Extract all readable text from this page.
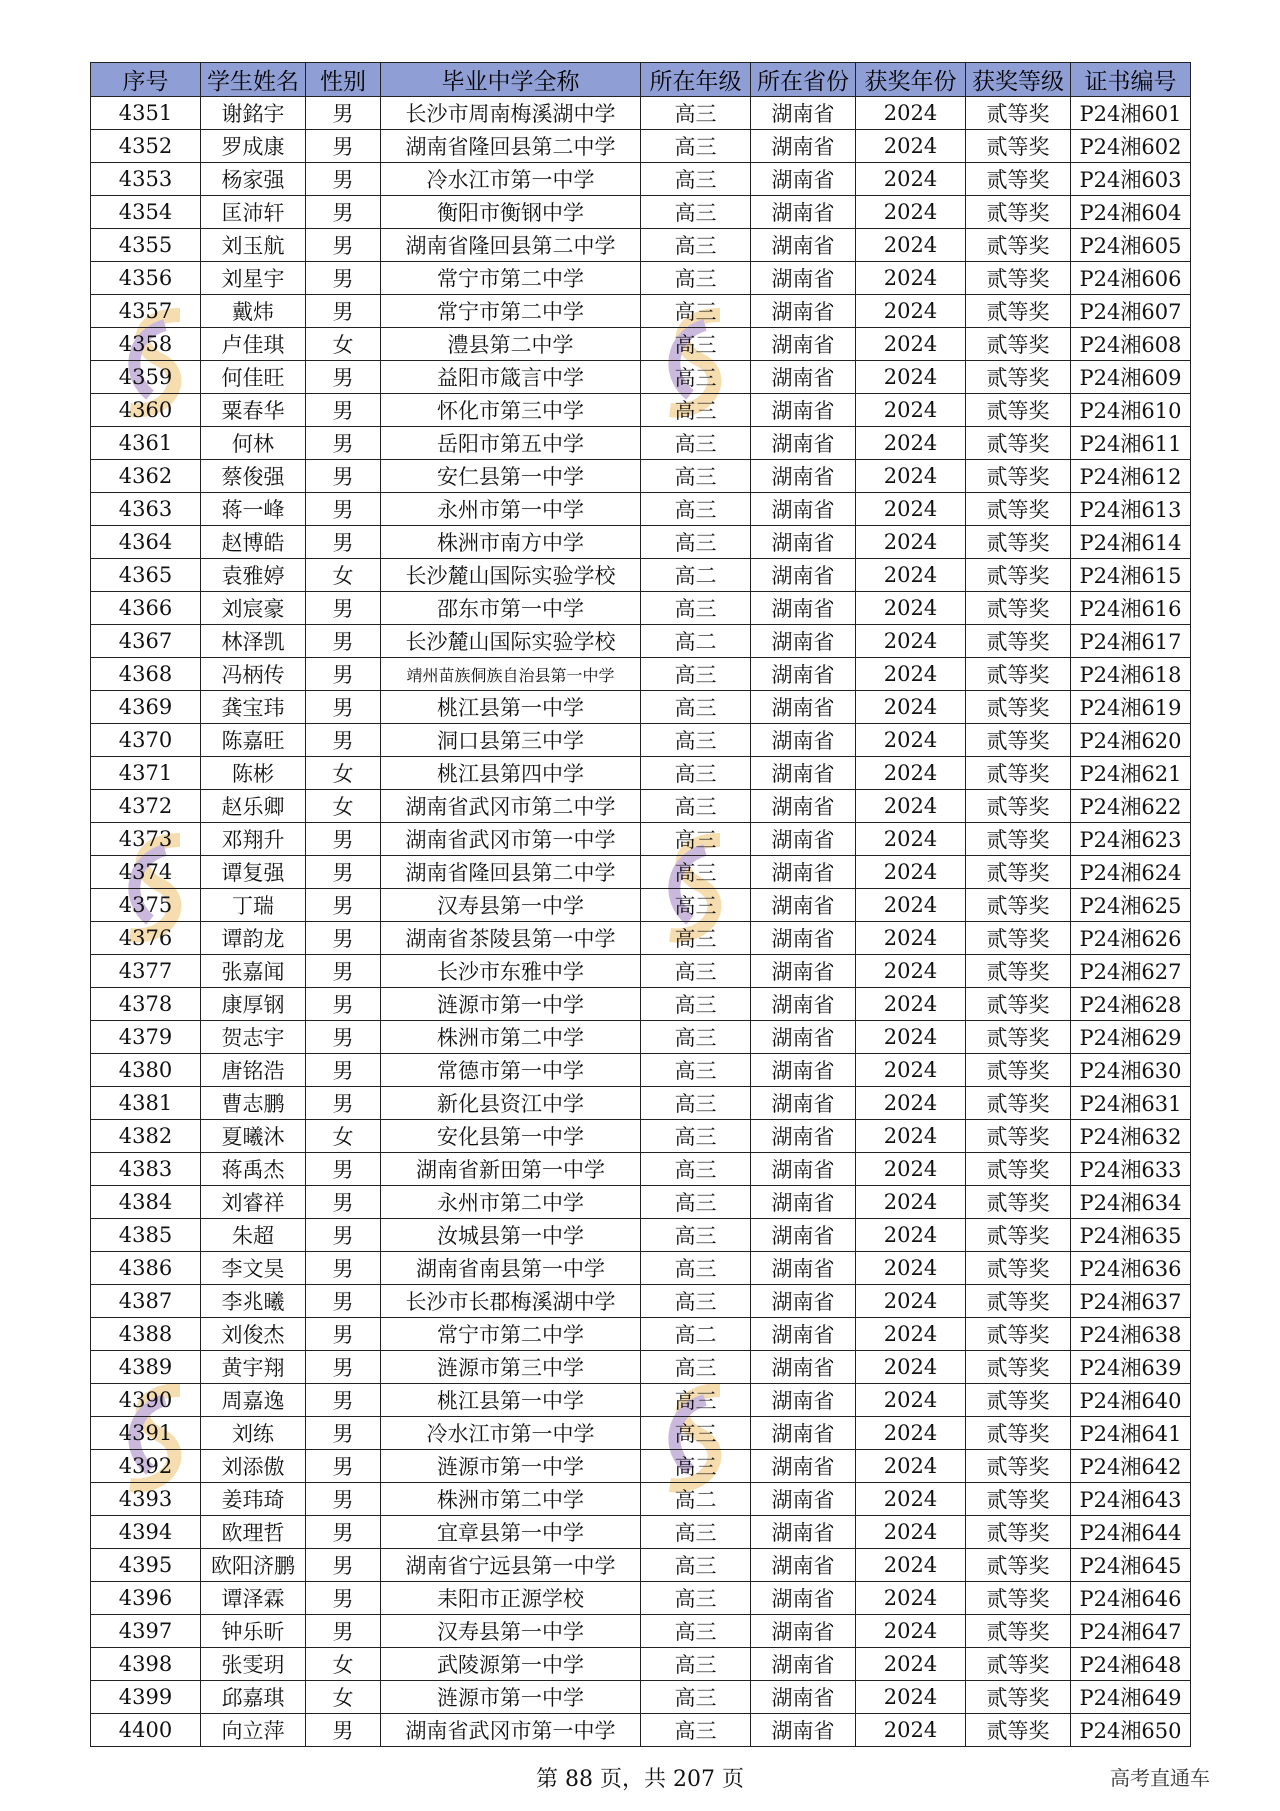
序号	学生姓名	性别	毕业中学全称	所在年级	所在省份	获奖年份	获奖等级	证书编号
4351	谢銘宇	男	长沙市周南梅溪湖中学	高三	湖南省	2024	贰等奖	P24湘601
4352	罗成康	男	湖南省隆回县第二中学	高三	湖南省	2024	贰等奖	P24湘602
4353	杨家强	男	冷水江市第一中学	高三	湖南省	2024	贰等奖	P24湘603
4354	匡沛轩	男	衡阳市衡钢中学	高三	湖南省	2024	贰等奖	P24湘604
4355	刘玉航	男	湖南省隆回县第二中学	高三	湖南省	2024	贰等奖	P24湘605
4356	刘星宇	男	常宁市第二中学	高三	湖南省	2024	贰等奖	P24湘606
4357	戴炜	男	常宁市第二中学	高三	湖南省	2024	贰等奖	P24湘607
4358	卢佳琪	女	澧县第二中学	高三	湖南省	2024	贰等奖	P24湘608
4359	何佳旺	男	益阳市箴言中学	高三	湖南省	2024	贰等奖	P24湘609
4360	粟春华	男	怀化市第三中学	高三	湖南省	2024	贰等奖	P24湘610
4361	何林	男	岳阳市第五中学	高三	湖南省	2024	贰等奖	P24湘611
4362	蔡俊强	男	安仁县第一中学	高三	湖南省	2024	贰等奖	P24湘612
4363	蒋一峰	男	永州市第一中学	高三	湖南省	2024	贰等奖	P24湘613
4364	赵博皓	男	株洲市南方中学	高三	湖南省	2024	贰等奖	P24湘614
4365	袁雅婷	女	长沙麓山国际实验学校	高二	湖南省	2024	贰等奖	P24湘615
4366	刘宸豪	男	邵东市第一中学	高三	湖南省	2024	贰等奖	P24湘616
4367	林泽凯	男	长沙麓山国际实验学校	高二	湖南省	2024	贰等奖	P24湘617
4368	冯柄传	男	靖州苗族侗族自治县第一中学	高三	湖南省	2024	贰等奖	P24湘618
4369	龚宝玮	男	桃江县第一中学	高三	湖南省	2024	贰等奖	P24湘619
4370	陈嘉旺	男	洞口县第三中学	高三	湖南省	2024	贰等奖	P24湘620
4371	陈彬	女	桃江县第四中学	高三	湖南省	2024	贰等奖	P24湘621
4372	赵乐卿	女	湖南省武冈市第二中学	高三	湖南省	2024	贰等奖	P24湘622
4373	邓翔升	男	湖南省武冈市第一中学	高三	湖南省	2024	贰等奖	P24湘623
4374	谭复强	男	湖南省隆回县第二中学	高三	湖南省	2024	贰等奖	P24湘624
4375	丁瑞	男	汉寿县第一中学	高三	湖南省	2024	贰等奖	P24湘625
4376	谭韵龙	男	湖南省茶陵县第一中学	高三	湖南省	2024	贰等奖	P24湘626
4377	张嘉闻	男	长沙市东雅中学	高三	湖南省	2024	贰等奖	P24湘627
4378	康厚钢	男	涟源市第一中学	高三	湖南省	2024	贰等奖	P24湘628
4379	贺志宇	男	株洲市第二中学	高三	湖南省	2024	贰等奖	P24湘629
4380	唐铭浩	男	常德市第一中学	高三	湖南省	2024	贰等奖	P24湘630
4381	曹志鹏	男	新化县资江中学	高三	湖南省	2024	贰等奖	P24湘631
4382	夏曦沐	女	安化县第一中学	高三	湖南省	2024	贰等奖	P24湘632
4383	蒋禹杰	男	湖南省新田第一中学	高三	湖南省	2024	贰等奖	P24湘633
4384	刘睿祥	男	永州市第二中学	高三	湖南省	2024	贰等奖	P24湘634
4385	朱超	男	汝城县第一中学	高三	湖南省	2024	贰等奖	P24湘635
4386	李文昊	男	湖南省南县第一中学	高三	湖南省	2024	贰等奖	P24湘636
4387	李兆曦	男	长沙市长郡梅溪湖中学	高三	湖南省	2024	贰等奖	P24湘637
4388	刘俊杰	男	常宁市第二中学	高二	湖南省	2024	贰等奖	P24湘638
4389	黄宇翔	男	涟源市第三中学	高三	湖南省	2024	贰等奖	P24湘639
4390	周嘉逸	男	桃江县第一中学	高三	湖南省	2024	贰等奖	P24湘640
4391	刘练	男	冷水江市第一中学	高三	湖南省	2024	贰等奖	P24湘641
4392	刘添傲	男	涟源市第一中学	高三	湖南省	2024	贰等奖	P24湘642
4393	姜玮琦	男	株洲市第二中学	高二	湖南省	2024	贰等奖	P24湘643
4394	欧理哲	男	宜章县第一中学	高三	湖南省	2024	贰等奖	P24湘644
4395	欧阳济鹏	男	湖南省宁远县第一中学	高三	湖南省	2024	贰等奖	P24湘645
4396	谭泽霖	男	耒阳市正源学校	高三	湖南省	2024	贰等奖	P24湘646
4397	钟乐昕	男	汉寿县第一中学	高三	湖南省	2024	贰等奖	P24湘647
4398	张雯玥	女	武陵源第一中学	高三	湖南省	2024	贰等奖	P24湘648
4399	邱嘉琪	女	涟源市第一中学	高三	湖南省	2024	贰等奖	P24湘649
4400	向立萍	男	湖南省武冈市第一中学	高三	湖南省	2024	贰等奖	P24湘650
第 88 页，共 207 页	高考直通车
